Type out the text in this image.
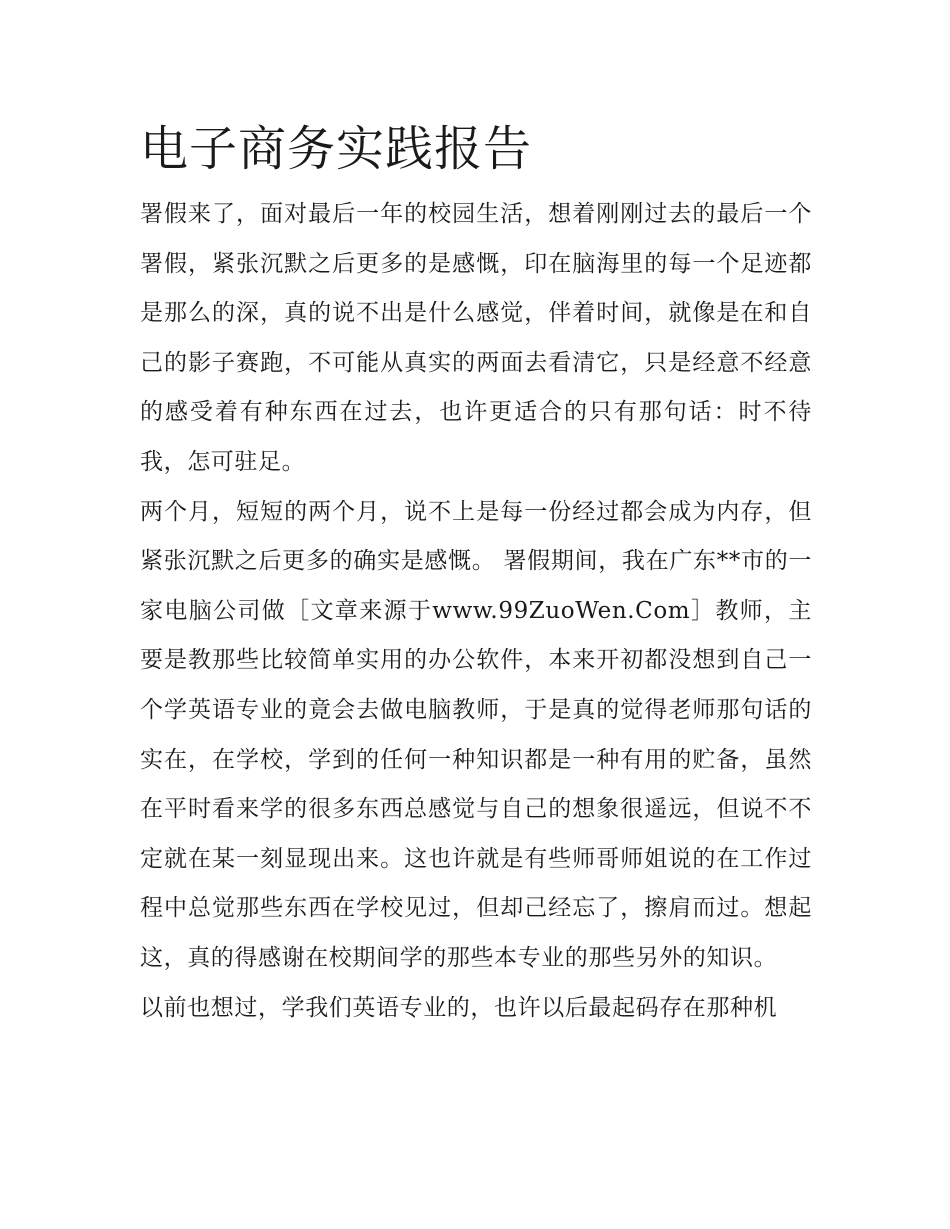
电子商务实践报告

署假来了，面对最后一年的校园生活，想着刚刚过去的最后一个署假，紧张沉默之后更多的是感慨，印在脑海里的每一个足迹都是那么的深，真的说不出是什么感觉，伴着时间，就像是在和自己的影子赛跑，不可能从真实的两面去看清它，只是经意不经意的感受着有种东西在过去，也许更适合的只有那句话：时不待我，怎可驻足。

两个月，短短的两个月，说不上是每一份经过都会成为内存，但紧张沉默之后更多的确实是感慨。 署假期间，我在广东**市的一家电脑公司做［文章来源于www.99ZuoWen.Com］教师，主要是教那些比较简单实用的办公软件，本来开初都没想到自己一个学英语专业的竟会去做电脑教师，于是真的觉得老师那句话的实在，在学校，学到的任何一种知识都是一种有用的贮备，虽然在平时看来学的很多东西总感觉与自己的想象很遥远，但说不不定就在某一刻显现出来。这也许就是有些师哥师姐说的在工作过程中总觉那些东西在学校见过，但却己经忘了，擦肩而过。想起这，真的得感谢在校期间学的那些本专业的那些另外的知识。

以前也想过，学我们英语专业的，也许以后最起码存在那种机
